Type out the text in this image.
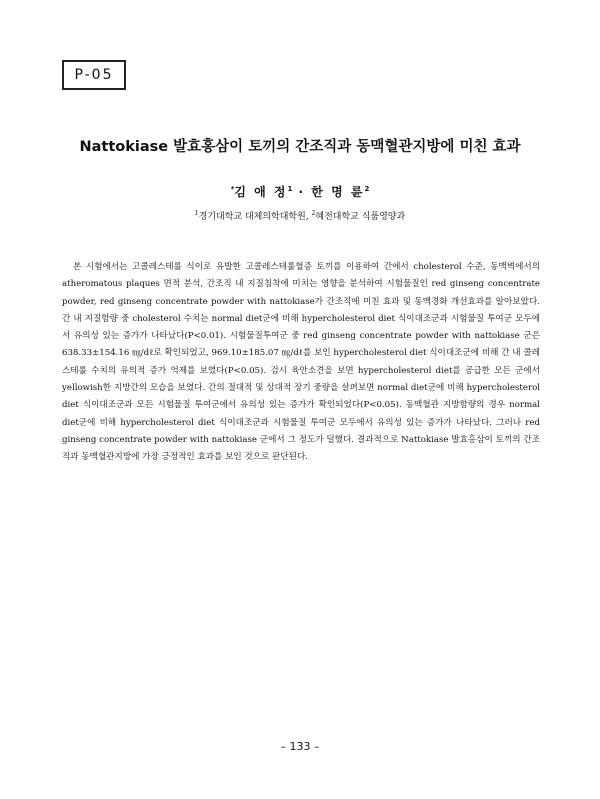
P-05
Nattokiase 발효홍삼이 토끼의 간조직과 동맥혈관지방에 미친 효과
*김 애 정$^1$ · 한 명 륜$^2$
$^1$경기대학교 대체의학대학원, $^2$혜전대학교 식품영양과

본 시험에서는 고콜레스테롤 식이로 유발한 고콜레스테롤혈증 토끼를 이용하여 간에서 cholesterol 수준, 동맥벽에서의 atheromatous plaques 면적 분석, 간조직 내 지질침착에 미치는 영향을 분석하여 시험물질인 red ginseng concentrate powder, red ginseng concentrate powder with nattokiase가 간조직에 미친 효과 및 동맥경화 개선효과를 알아보았다. 간 내 지질함량 중 cholesterol 수치는 normal diet군에 비해 hypercholesterol diet 식이대조군과 시험물질 투여군 모두에서 유의성 있는 증가가 나타났다(P<0.01). 시험물질투여군 중 red ginseng concentrate powder with nattokiase 군은 638.33±154.16 ㎎/dℓ로 확인되었고, 969.10±185.07 ㎎/dℓ를 보인 hypercholesterol diet 식이대조군에 비해 간 내 콜레스테롤 수치의 유의적 증가 억제를 보였다(P<0.05). 검시 육안소견을 보면 hypercholesterol diet를 공급한 모든 군에서 yellowish한 지방간의 모습을 보였다. 간의 절대적 및 상대적 장기 중량을 살펴보면 normal diet군에 비해 hypercholesterol diet 식이대조군과 모든 시험물질 투여군에서 유의성 있는 증가가 확인되었다(P<0.05). 동맥혈관 지방함량의 경우 normal diet군에 비해 hypercholesterol diet 식이대조군과 시험물질 투여군 모두에서 유의성 있는 증가가 나타났다. 그러나 red ginseng concentrate powder with nattokiase 군에서 그 정도가 덜했다. 결과적으로 Nattokiase 발효홍삼이 토끼의 간조직과 동맥혈관지방에 가장 긍정적인 효과를 보인 것으로 판단된다.

– 133 –
